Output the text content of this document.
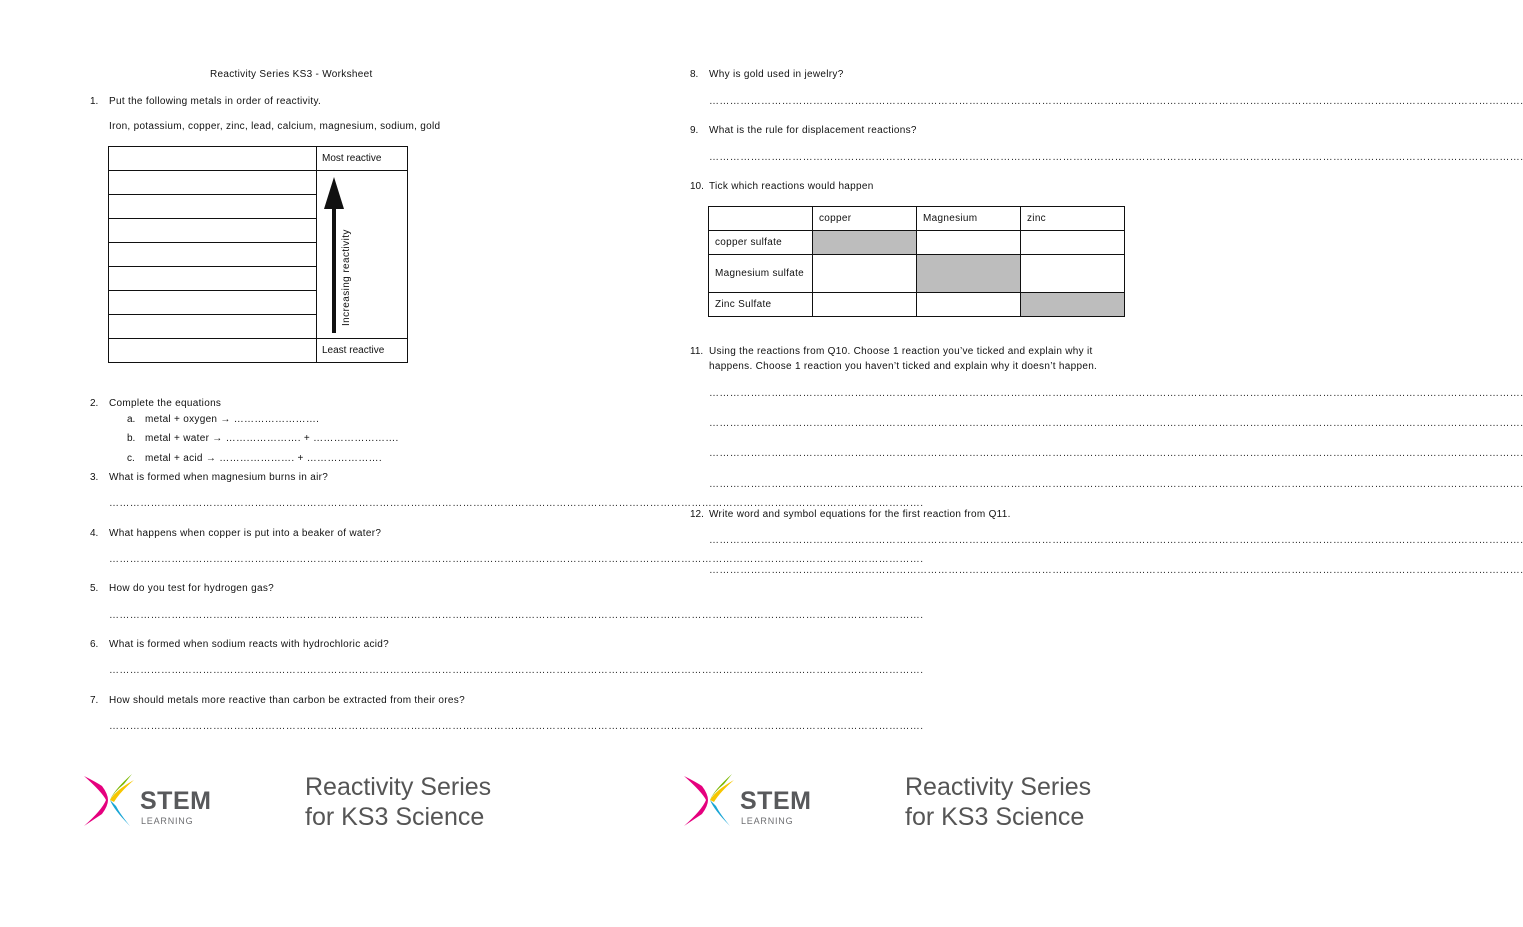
Reactivity Series KS3 - Worksheet
1. Put the following metals in order of reactivity.
Iron, potassium, copper, zinc, lead, calcium, magnesium, sodium, gold
	Most reactive

Increasing reactivity

	Least reactive
2. Complete the equations
a. metal + oxygen → …………………….
b. metal + water → …………………. + …………………….
c. metal + acid → …………………. + ………………….
3. What is formed when magnesium burns in air?
……………………………………………………………………………………………………………………………………………………………………………………………………………….
4. What happens when copper is put into a beaker of water?
……………………………………………………………………………………………………………………………………………………………………………………………………………….
5. How do you test for hydrogen gas?
……………………………………………………………………………………………………………………………………………………………………………………………………………….
6. What is formed when sodium reacts with hydrochloric acid?
……………………………………………………………………………………………………………………………………………………………………………………………………………….
7. How should metals more reactive than carbon be extracted from their ores?
……………………………………………………………………………………………………………………………………………………………………………………………………………….
STEM
LEARNING
Reactivity Series
for KS3 Science
8. Why is gold used in jewelry?
……………………………………………………………………………………………………………………………………………………………………………………………………………….
9. What is the rule for displacement reactions?
……………………………………………………………………………………………………………………………………………………………………………………………………………….
10. Tick which reactions would happen
	copper	Magnesium	zinc
copper sulfate			
Magnesium sulfate			
Zinc Sulfate			
11. Using the reactions from Q10. Choose 1 reaction you’ve ticked and explain why it
happens. Choose 1 reaction you haven’t ticked and explain why it doesn’t happen.
……………………………………………………………………………………………………………………………………………………………………………………………………………….
……………………………………………………………………………………………………………………………………………………………………………………………………………….
……………………………………………………………………………………………………………………………………………………………………………………………………………….
……………………………………………………………………………………………………………………………………………………………………………………………………………….
12. Write word and symbol equations for the first reaction from Q11.
……………………………………………………………………………………………………………………………………………………………………………………………………………….
……………………………………………………………………………………………………………………………………………………………………………………………………………….
STEM
LEARNING
Reactivity Series
for KS3 Science
